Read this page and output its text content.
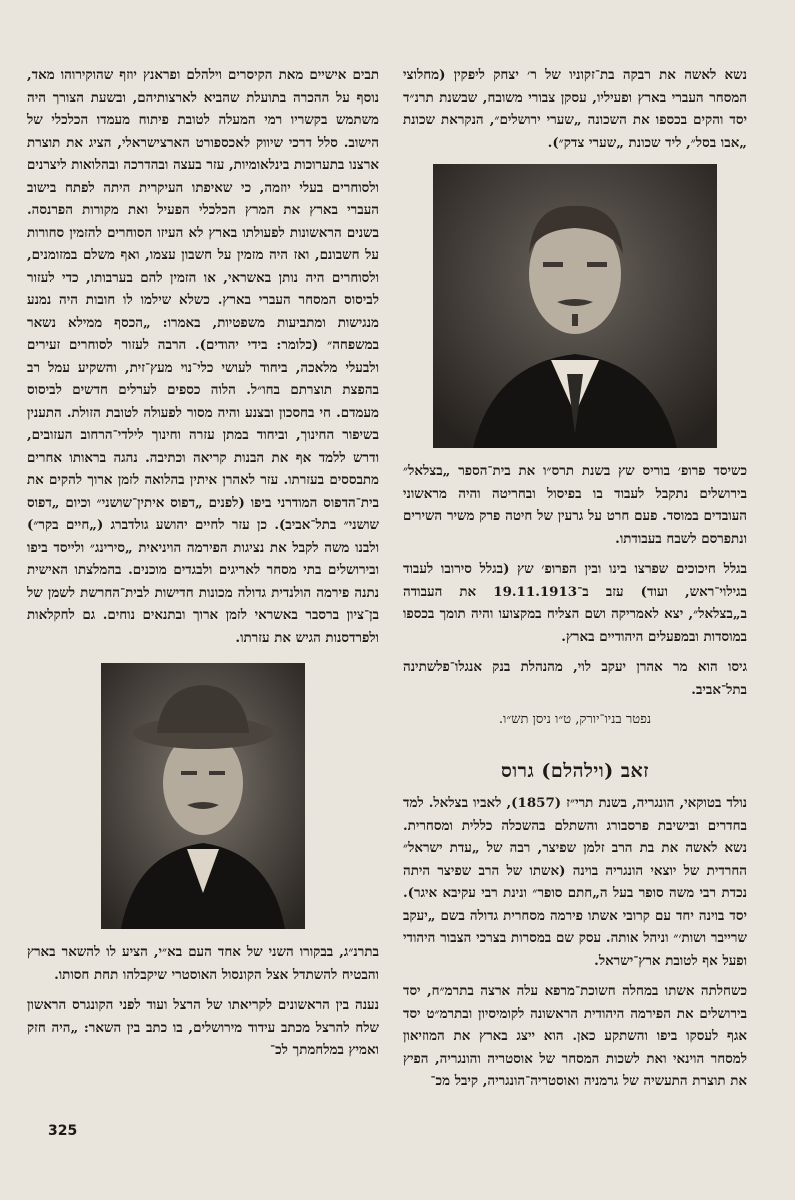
נשא לאשה את רבקה בת־זקוניו של ר׳ יצחק ליפקין (מחלוצי המסחר העברי בארץ ופעיליו, עסקן צבורי משובח, שבשנת תרנ״ד יסד והקים בכספו את השכונה „שערי ירושלים״, הנקראת שכונת „אבו בסל״, ליד שכונת „שערי צדק״).

כשיסד פרופ׳ בוריס שץ בשנת תרס״ו את בית־הספר „בצלאל״ בירושלים נתקבל לעבוד בו בפיסול ובחריטה והיה מראשוני העובדים במוסד. פעם חרט על גרעין של חיטה פרק משיר השירים ונתפרסם לשבח בעבודתו.

בגלל חיכוכים שפרצו בינו ובין הפרופ׳ שץ (בגלל סירובו לעבוד בגילוי־ראש, ועוד) עזב ב־19.11.1913 את העבודה ב„בצלאל״, יצא לאמריקה ושם הצליח במקצועו והיה תומך בכספו במוסדות ובמפעלים היהודיים בארץ.

גיסו הוא מר אהרן יעקב לוי, מהנהלת בנק אנגלו־פלשתינה בתל־אביב.

נפטר בניו־יורק, ט״ו ניסן תש״ו.
זאב (וילהלם) גרוס

נולד בטוקאי, הונגריה, בשנת תרי״ז (1857), לאביו בצלאל. למד בחדרים ובישיבת פרסבורג והשתלם בהשכלה כללית ומסחרית. נשא לאשה את בת הרב זלמן שפיצר, רבה של „עדת ישראל״ החרדית של יוצאי הונגריה בוינה (אשתו של הרב שפיצר היתה נכדת רבי משה סופר בעל ה„חתם סופר״ ונינת רבי עקיבא איגר). יסד בוינה יחד עם קרובי אשתו פירמה מסחרית גדולה בשם „יעקב שרייבר ושות׳״ וניהל אותה. עסק שם במסרות בצרכי הצבור היהודי ופעל אף לטובת ארץ־ישראל.

כשחלתה אשתו במחלה חשוכת־מרפא עלה ארצה בתרמ״ח, יסד בירושלים את הפירמה היהודית הראשונה לקומיסיון ובתרמ״ט יסד אגף לעסקו ביפו והשתקע כאן. הוא ייצג בארץ את המוזיאון למסחר הוינאי ואת לשכות המסחר של אוסטריה והונגריה, הפיץ את תוצרת התעשיה של גרמניה ואוסטריה־הונגריה, קיבל מכ־

תבים אישיים מאת הקיסרים וילהלם ופראנץ יוזף שהוקירוהו מאד, נוסף על ההכרה בתועלת שהביא לארצותיהם, ובשעת הצורך היה משתמש בקשריו רמי המעלה לטובת פיתוח מעמדו הכלכלי של הישוב. סלל דרכי שיווק לאכספורט הארצישראלי, הציג את תוצרת ארצנו בתערוכות בינלאומיות, עזר בעצה ובהדרכה ובהלואות ליצרנים ולסוחרים בעלי יוזמה, כי שאיפתו העיקרית היתה לפתח בישוב העברי בארץ את המרץ הכלכלי הפעיל ואת מקורות הפרנסה. בשנים הראשונות לפעולתו בארץ לא העיזו הסוחרים להזמין סחורות על חשבונם, ואז היה מזמין על חשבון עצמו, ואף משלם במזומנים, ולסוחרים היה נותן באשראי, או הזמין להם בערבותו, כדי לעזור לביסוס המסחר העברי בארץ. כשלא שילמו לו חובות היה נמנע מנגישות ומתביעות משפטיות, באמרו: „הכסף ממילא נשאר במשפחה״ (כלומר: בידי יהודים). הרבה לעזור לסוחרים זעירים ולבעלי מלאכה, ביחוד לעושי כלי־נוי מעץ־זית, והשקיע עמל רב בהפצת תוצרתם בחו״ל. הלוה כספים לערלים חדשים לביסוס מעמדם. חי בחסכון ובצנע והיה מסור לפעולה לטובת הזולת. התענין בשיפור החינוך, וביחוד במתן עזרה וחינוך לילדי־הרחוב העזובים, ודרש ללמד אף את הבנות קריאה וכתיבה. נהגה בראותו אחרים מתבססים בעזרתו. עזר לאהרן איתין בהלואה לזמן ארוך להקים את בית־הדפוס המודרני ביפו (לפנים „דפוס איתין־שושני״ וכיום „דפוס שושני״ בתל־אביב). כן עזר לחיים יהושע גולדברג („חיים בקר״) ולבנו משה לקבל את נציגות הפירמה הויניאית „סירינג״ ולייסד ביפו ובירושלים בתי מסחר לאריגים ולבגדים מוכנים. בהמלצתו האישית נתנה פירמה הולנדית גדולה מכונות חדישות לבית־החרשת לשמן של בן־ציון ברסבר באשראי לזמן ארוך ובתנאים נוחים. גם לחקלאות ולפרדסנות הגיש את עזרתו.

בתרנ״ג, בבקורו השני של אחד העם בא״י, הציע לו להשאר בארץ והבטיח להשתדל אצל הקונסול האוסטרי שיקבלהו תחת חסותו.

נענה בין הראשונים לקריאתו של הרצל ועוד לפני הקונגרס הראשון שלח להרצל מכתב עידוד מירושלים, בו כתב בין השאר: „היה חזק ואמיץ במלחמתך לכ־

325
